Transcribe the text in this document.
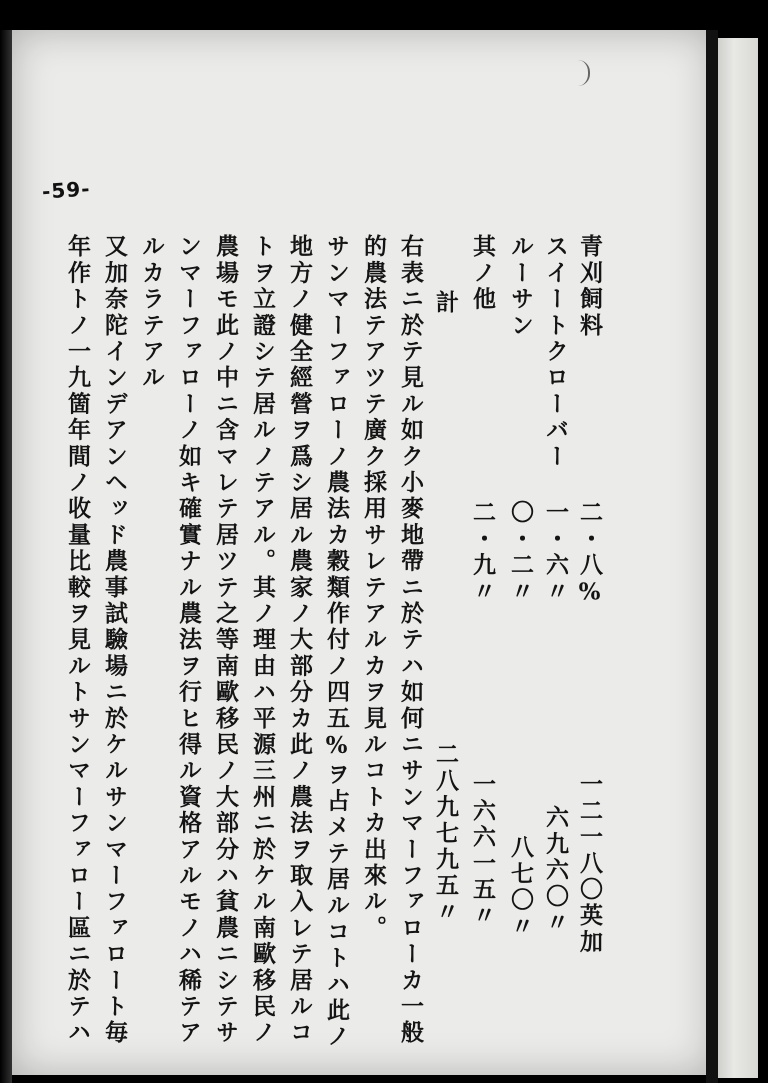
-59-
青刈飼料
スイートクローバー
ルーサン
其ノ他
計
二・八%
一・六〃
〇・二〃
二・九〃
一二一八〇英加
六九六〇〃
八七〇〃
一六六一五〃
二八九七九五〃
右表ニ於テ見ル如ク小麥地帶ニ於テハ如何ニサンマーファローカ一般
的農法テアツテ廣ク採用サレテアルカヲ見ルコトカ出來ル。
サンマーファローノ農法カ穀類作付ノ四五%ヲ占メテ居ルコトハ此ノ
地方ノ健全經營ヲ爲シ居ル農家ノ大部分カ此ノ農法ヲ取入レテ居ルコ
トヲ立證シテ居ルノテアル。其ノ理由ハ平源三州ニ於ケル南歐移民ノ
農場モ此ノ中ニ含マレテ居ツテ之等南歐移民ノ大部分ハ貧農ニシテサ
ンマーファローノ如キ確實ナル農法ヲ行ヒ得ル資格アルモノハ稀テア
ルカラテアル
又加奈陀インデアンヘッド農事試驗場ニ於ケルサンマーファロート毎
年作トノ一九箇年間ノ收量比較ヲ見ルトサンマーファロー區ニ於テハ
